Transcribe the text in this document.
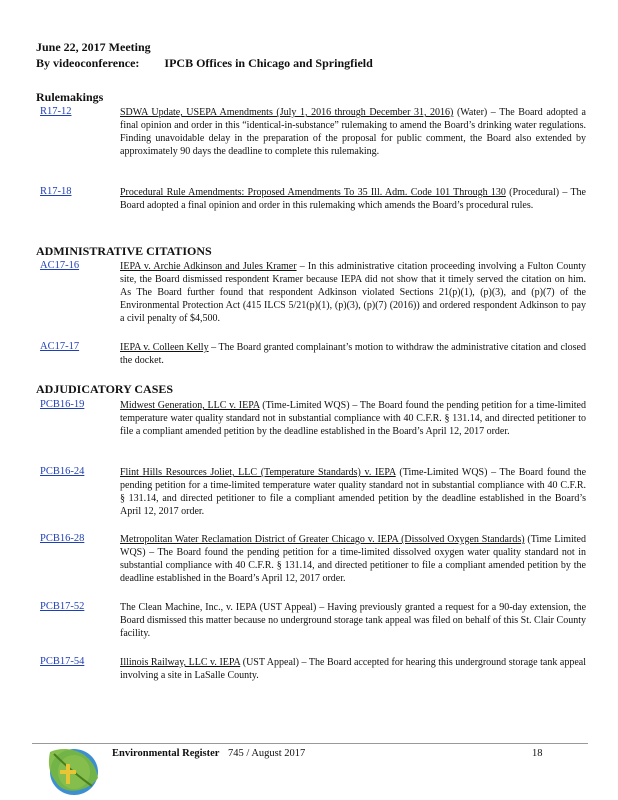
June 22, 2017 Meeting
By videoconference: IPCB Offices in Chicago and Springfield
Rulemakings
ADMINISTRATIVE CITATIONS
ADJUDICATORY CASES
R17-12	SDWA Update, USEPA Amendments (July 1, 2016 through December 31, 2016) (Water) – The Board adopted a final opinion and order in this “identical-in-substance” rulemaking to amend the Board’s drinking water regulations. Finding unavoidable delay in the preparation of the proposal for public comment, the Board also extended by approximately 90 days the deadline to complete this rulemaking.
R17-18	Procedural Rule Amendments: Proposed Amendments To 35 Ill. Adm. Code 101 Through 130 (Procedural) – The Board adopted a final opinion and order in this rulemaking which amends the Board’s procedural rules.
AC17-16	IEPA v. Archie Adkinson and Jules Kramer – In this administrative citation proceeding involving a Fulton County site, the Board dismissed respondent Kramer because IEPA did not show that it timely served the citation on him. As The Board further found that respondent Adkinson violated Sections 21(p)(1), (p)(3), and (p)(7) of the Environmental Protection Act (415 ILCS 5/21(p)(1), (p)(3), (p)(7) (2016)) and ordered respondent Adkinson to pay a civil penalty of $4,500.
AC17-17	IEPA v. Colleen Kelly – The Board granted complainant’s motion to withdraw the administrative citation and closed the docket.
PCB16-19	Midwest Generation, LLC v. IEPA (Time-Limited WQS) – The Board found the pending petition for a time-limited temperature water quality standard not in substantial compliance with 40 C.F.R. § 131.14, and directed petitioner to file a compliant amended petition by the deadline established in the Board’s April 12, 2017 order.
PCB16-24	Flint Hills Resources Joliet, LLC (Temperature Standards) v. IEPA (Time-Limited WQS) – The Board found the pending petition for a time-limited temperature water quality standard not in substantial compliance with 40 C.F.R. § 131.14, and directed petitioner to file a compliant amended petition by the deadline established in the Board’s April 12, 2017 order.
PCB16-28	Metropolitan Water Reclamation District of Greater Chicago v. IEPA (Dissolved Oxygen Standards) (Time Limited WQS) – The Board found the pending petition for a time-limited dissolved oxygen water quality standard not in substantial compliance with 40 C.F.R. § 131.14, and directed petitioner to file a compliant amended petition by the deadline established in the Board’s April 12, 2017 order.
PCB17-52	The Clean Machine, Inc., v. IEPA (UST Appeal) – Having previously granted a request for a 90-day extension, the Board dismissed this matter because no underground storage tank appeal was filed on behalf of this St. Clair County facility.
PCB17-54	Illinois Railway, LLC v. IEPA (UST Appeal) – The Board accepted for hearing this underground storage tank appeal involving a site in LaSalle County.
Environmental Register 745 / August 2017	18
